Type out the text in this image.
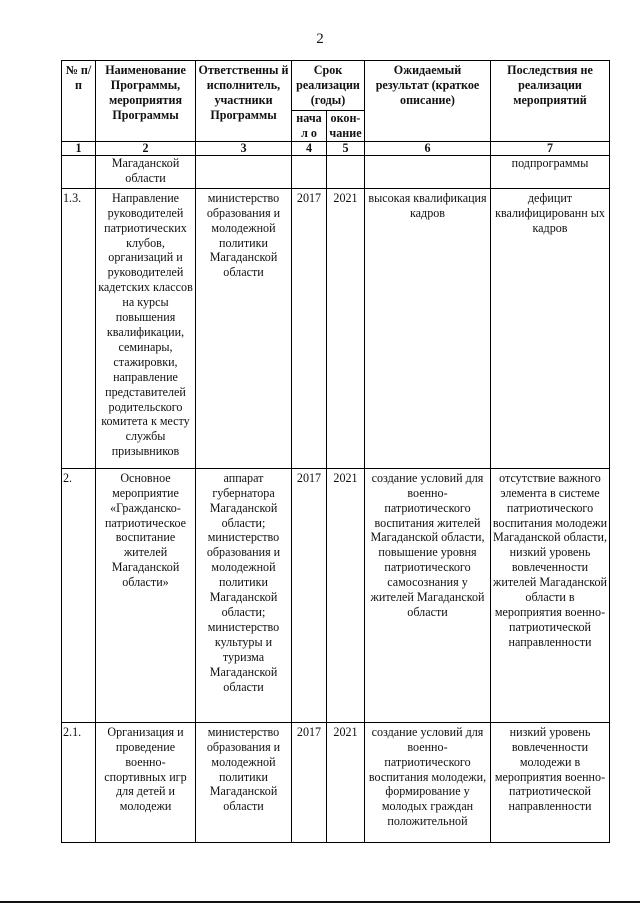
2
№ п/п	Наименование Программы, мероприятия Программы	Ответственны й исполнитель, участники Программы	Срок реализации (годы)		Ожидаемый результат (краткое описание)	Последствия не реализации мероприятий
			начал о	окон- чание		
1	2	3	4	5	6	7
	Магаданской области					подпрограммы
1.3.	Направление руководителей патриотических клубов, организаций и руководителей кадетских классов на курсы повышения квалификации, семинары, стажировки, направление представителей родительского комитета к месту службы призывников	министерство образования и молодежной политики Магаданской области	2017	2021	высокая квалификация кадров	дефицит квалифицированн ых кадров
2.	Основное мероприятие «Гражданско-патриотическое воспитание жителей Магаданской области»	аппарат губернатора Магаданской области; министерство образования и молодежной политики Магаданской области; министерство культуры и туризма Магаданской области	2017	2021	создание условий для военно-патриотического воспитания жителей Магаданской области, повышение уровня патриотического самосознания у жителей Магаданской области	отсутствие важного элемента в системе патриотического воспитания молодежи Магаданской области, низкий уровень вовлеченности жителей Магаданской области в мероприятия военно-патриотической направленности
2.1.	Организация и проведение военно-спортивных игр для детей и молодежи	министерство образования и молодежной политики Магаданской области	2017	2021	создание условий для военно-патриотического воспитания молодежи, формирование у молодых граждан положительной	низкий уровень вовлеченности молодежи в мероприятия военно-патриотической направленности
